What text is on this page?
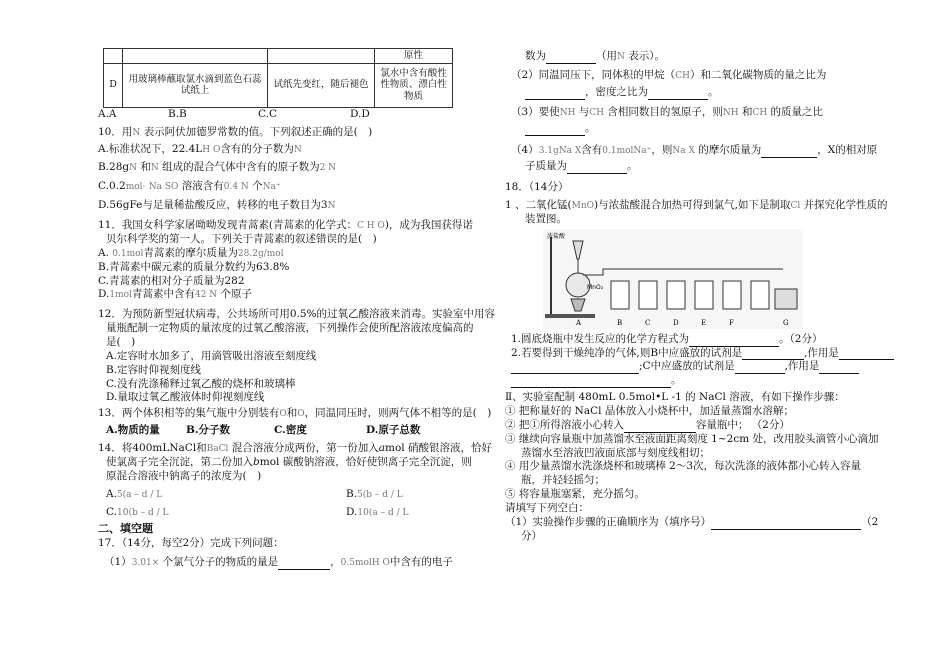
			原性
D	用玻璃棒蘸取氯水滴到蓝色石蕊试纸上	试纸先变红，随后褪色	氯水中含有酸性性物质、漂白性物质
A.A	B.B	C.C	D.D
10．用N 表示阿伏加德罗常数的值。下列叙述正确的是(　)
A.标准状况下，22.4LH O含有的分子数为N
B.28gN 和N 组成的混合气体中含有的原子数为2 N
C.0.2mol· Na SO 溶液含有0.4 N 个Na⁺
D.56gFe与足量稀盐酸反应，转移的电子数目为3N
11．我国女科学家屠呦呦发现青蒿素(青蒿素的化学式：C H O)，成为我国获得诺
贝尔科学奖的第一人。下列关于青蒿素的叙述错误的是(　)
A. 0.1mol青蒿素的摩尔质量为28.2g/mol
B.青蒿素中碳元素的质量分数约为63.8%
C.青蒿素的相对分子质量为282
D.1mol青蒿素中含有42 N 个原子
12．为预防新型冠状病毒，公共场所可用0.5%的过氧乙酸溶液来消毒。实验室中用容
量瓶配制一定物质的量浓度的过氧乙酸溶液，下列操作会使所配溶液浓度偏高的
是(　)
A.定容时水加多了，用滴管吸出溶液至刻度线
B.定容时仰视刻度线
C.没有洗涤稀释过氧乙酸的烧杯和玻璃棒
D.量取过氧乙酸液体时仰视刻度线
13．两个体积相等的集气瓶中分别装有O和O，同温同压时，则两气体不相等的是(　)
A.物质的量 B.分子数	C.密度	D.原子总数
14．将400mLNaCl和BaCl 混合溶液分成两份，第一份加入amol 硝酸银溶液，恰好
使氯离子完全沉淀，第二份加入bmol 碳酸钠溶液，恰好使钡离子完全沉淀，则
原混合溶液中钠离子的浓度为(　)
A.5(a – d / L	B.5(b – d / L
C.10(b – d / L	D.10(a – d / L
二、填空题
17．（14分，每空2分）完成下列问题：
（1）3.01× 个氯气分子的物质的量是	，0.5molH O中含有的电子
数为	（用N 表示）。
（2）同温同压下，同体积的甲烷（CH）和二氧化碳物质的量之比为
，密度之比为	。
（3）要使NH 与CH 含相同数目的氢原子，则NH 和CH 的质量之比
。
（4）3.1gNa X含有0.1molNa⁺，则Na X 的摩尔质量为	，X的相对原
子质量为	。
18．（14分）
1 、二氧化锰(MnO)与浓盐酸混合加热可得到氯气,如下是制取Cl 并探究化学性质的
装置图。
浓盐酸
MnO₂
A	B	C	D	E	F	G
1.圆底烧瓶中发生反应的化学方程式为	。（2分）
2.若要得到干燥纯净的气体,则B中应盛放的试剂是	,作用是
;C中应盛放的试剂是	,作用是
。
Ⅱ、实验室配制 480mL 0.5mol•L -1 的 NaCl 溶液，有如下操作步骤：
① 把称量好的 NaCl 晶体放入小烧杯中，加适量蒸馏水溶解；
② 把①所得溶液小心转入	容量瓶中； （2分）
③ 继续向容量瓶中加蒸馏水至液面距离刻度 1~2cm 处，改用胶头滴管小心滴加
蒸馏水至溶液凹液面底部与刻度线相切；
④ 用少量蒸馏水洗涤烧杯和玻璃棒 2～3次，每次洗涤的液体都小心转入容量
瓶，并轻轻摇匀；
⑤ 将容量瓶塞紧，充分摇匀。
请填写下列空白：
（1）实验操作步骤的正确顺序为（填序号）	（2
分）
